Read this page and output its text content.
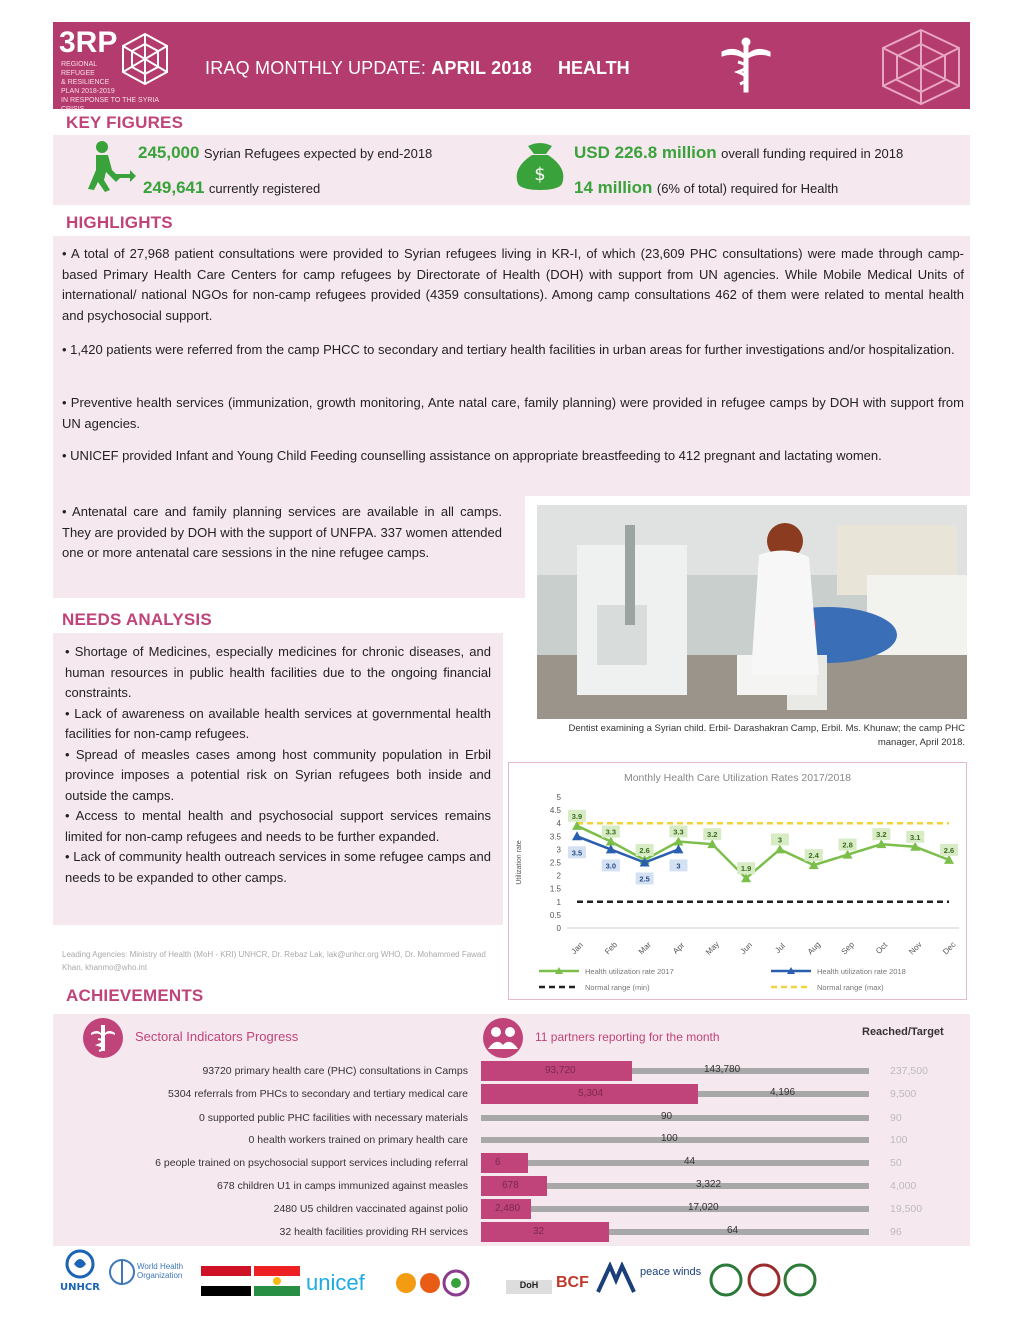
3RP
REGIONAL
REFUGEE
& RESILIENCE
PLAN 2018-2019
IN RESPONSE TO THE SYRIA CRISIS
IRAQ MONTHLY UPDATE: APRIL 2018 HEALTH
KEY FIGURES
245,000 Syrian Refugees expected by end-2018
249,641 currently registered
$
USD 226.8 million overall funding required in 2018
14 million (6% of total) required for Health
HIGHLIGHTS
• A total of 27,968 patient consultations were provided to Syrian refugees living in KR-I, of which (23,609 PHC consultations) were made through camp-based Primary Health Care Centers for camp refugees by Directorate of Health (DOH) with support from UN agencies. While Mobile Medical Units of international/ national NGOs for non-camp refugees provided (4359 consultations). Among camp consultations 462 of them were related to mental health and psychosocial support.
• 1,420 patients were referred from the camp PHCC to secondary and tertiary health facilities in urban areas for further investigations and/or hospitalization.
• Preventive health services (immunization, growth monitoring, Ante natal care, family planning) were provided in refugee camps by DOH with support from UN agencies.
• UNICEF provided Infant and Young Child Feeding counselling assistance on appropriate breastfeeding to 412 pregnant and lactating women.
• Antenatal care and family planning services are available in all camps. They are provided by DOH with the support of UNFPA. 337 women attended one or more antenatal care sessions in the nine refugee camps.
Dentist examining a Syrian child. Erbil- Darashakran Camp, Erbil. Ms. Khunaw; the camp PHC manager, April 2018.
NEEDS ANALYSIS
• Shortage of Medicines, especially medicines for chronic diseases, and human resources in public health facilities due to the ongoing financial constraints.
• Lack of awareness on available health services at governmental health facilities for non-camp refugees.
• Spread of measles cases among host community population in Erbil province imposes a potential risk on Syrian refugees both inside and outside the camps.
• Access to mental health and psychosocial support services remains limited for non-camp refugees and needs to be further expanded.
• Lack of community health outreach services in some refugee camps and needs to be expanded to other camps.
Leading Agencies: Ministry of Health (MoH - KRI) UNHCR, Dr. Rebaz Lak, lak@unhcr.org WHO, Dr. Mohammed Fawad Khan, khanmo@who.int
Monthly Health Care Utilization Rates 2017/2018
0
0.5
1
1.5
2
2.5
3
3.5
4
4.5
5
Utilization rate
Jan Feb Mar Apr May Jun Jul Aug Sep Oct Nov Dec
3.9
3.3
2.6
3.3	3.2
1.9
3
2.4
2.8
3.2	3.1
2.6
3.5
3.0
2.5
3
Health utilization rate 2017	Health utilization rate 2018
Normal range (min)	Normal range (max)
ACHIEVEMENTS
Sectoral Indicators Progress	11 partners reporting for the month	Reached/Target
93720 primary health care (PHC) consultations in Camps	93,720	143,780	237,500
5304 referrals from PHCs to secondary and tertiary medical care	5,304	4,196	9,500
0 supported public PHC facilities with necessary materials	90	90
0 health workers trained on primary health care	100	100
6 people trained on psychosocial support services including referral	6	44	50
678 children U1 in camps immunized against measles	678	3,322	4,000
2480 U5 children vaccinated against polio	2,480	17,020	19,500
32 health facilities providing RH services	32	64	96
UNHCR
World Health Organization	unicef	DoH	BCF
peace winds
